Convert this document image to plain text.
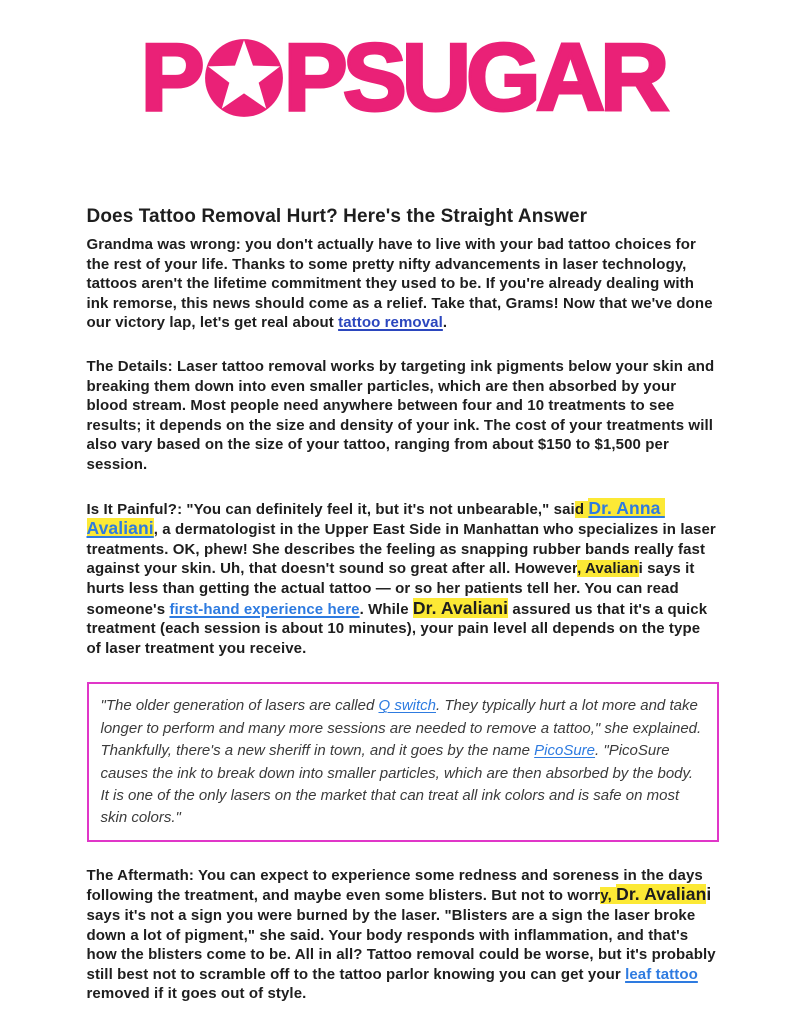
P PSUGAR
Does Tattoo Removal Hurt? Here's the Straight Answer

Grandma was wrong: you don't actually have to live with your bad tattoo choices for the rest of your life. Thanks to some pretty nifty advancements in laser technology, tattoos aren't the lifetime commitment they used to be. If you're already dealing with ink remorse, this news should come as a relief. Take that, Grams! Now that we've done our victory lap, let's get real about tattoo removal.

The Details: Laser tattoo removal works by targeting ink pigments below your skin and breaking them down into even smaller particles, which are then absorbed by your blood stream. Most people need anywhere between four and 10 treatments to see results; it depends on the size and density of your ink. The cost of your treatments will also vary based on the size of your tattoo, ranging from about $150 to $1,500 per session.

Is It Painful?: "You can definitely feel it, but it's not unbearable," said Dr. Anna Avaliani, a dermatologist in the Upper East Side in Manhattan who specializes in laser treatments. OK, phew! She describes the feeling as snapping rubber bands really fast against your skin. Uh, that doesn't sound so great after all. However, Avaliani says it hurts less than getting the actual tattoo — or so her patients tell her. You can read someone's first-hand experience here. While Dr. Avaliani assured us that it's a quick treatment (each session is about 10 minutes), your pain level all depends on the type of laser treatment you receive.

"The older generation of lasers are called Q switch. They typically hurt a lot more and take longer to perform and many more sessions are needed to remove a tattoo," she explained. Thankfully, there's a new sheriff in town, and it goes by the name PicoSure. "PicoSure causes the ink to break down into smaller particles, which are then absorbed by the body. It is one of the only lasers on the market that can treat all ink colors and is safe on most skin colors."

The Aftermath: You can expect to experience some redness and soreness in the days following the treatment, and maybe even some blisters. But not to worry, Dr. Avaliani says it's not a sign you were burned by the laser. "Blisters are a sign the laser broke down a lot of pigment," she said. Your body responds with inflammation, and that's how the blisters come to be. All in all? Tattoo removal could be worse, but it's probably still best not to scramble off to the tattoo parlor knowing you can get your leaf tattoo removed if it goes out of style.
